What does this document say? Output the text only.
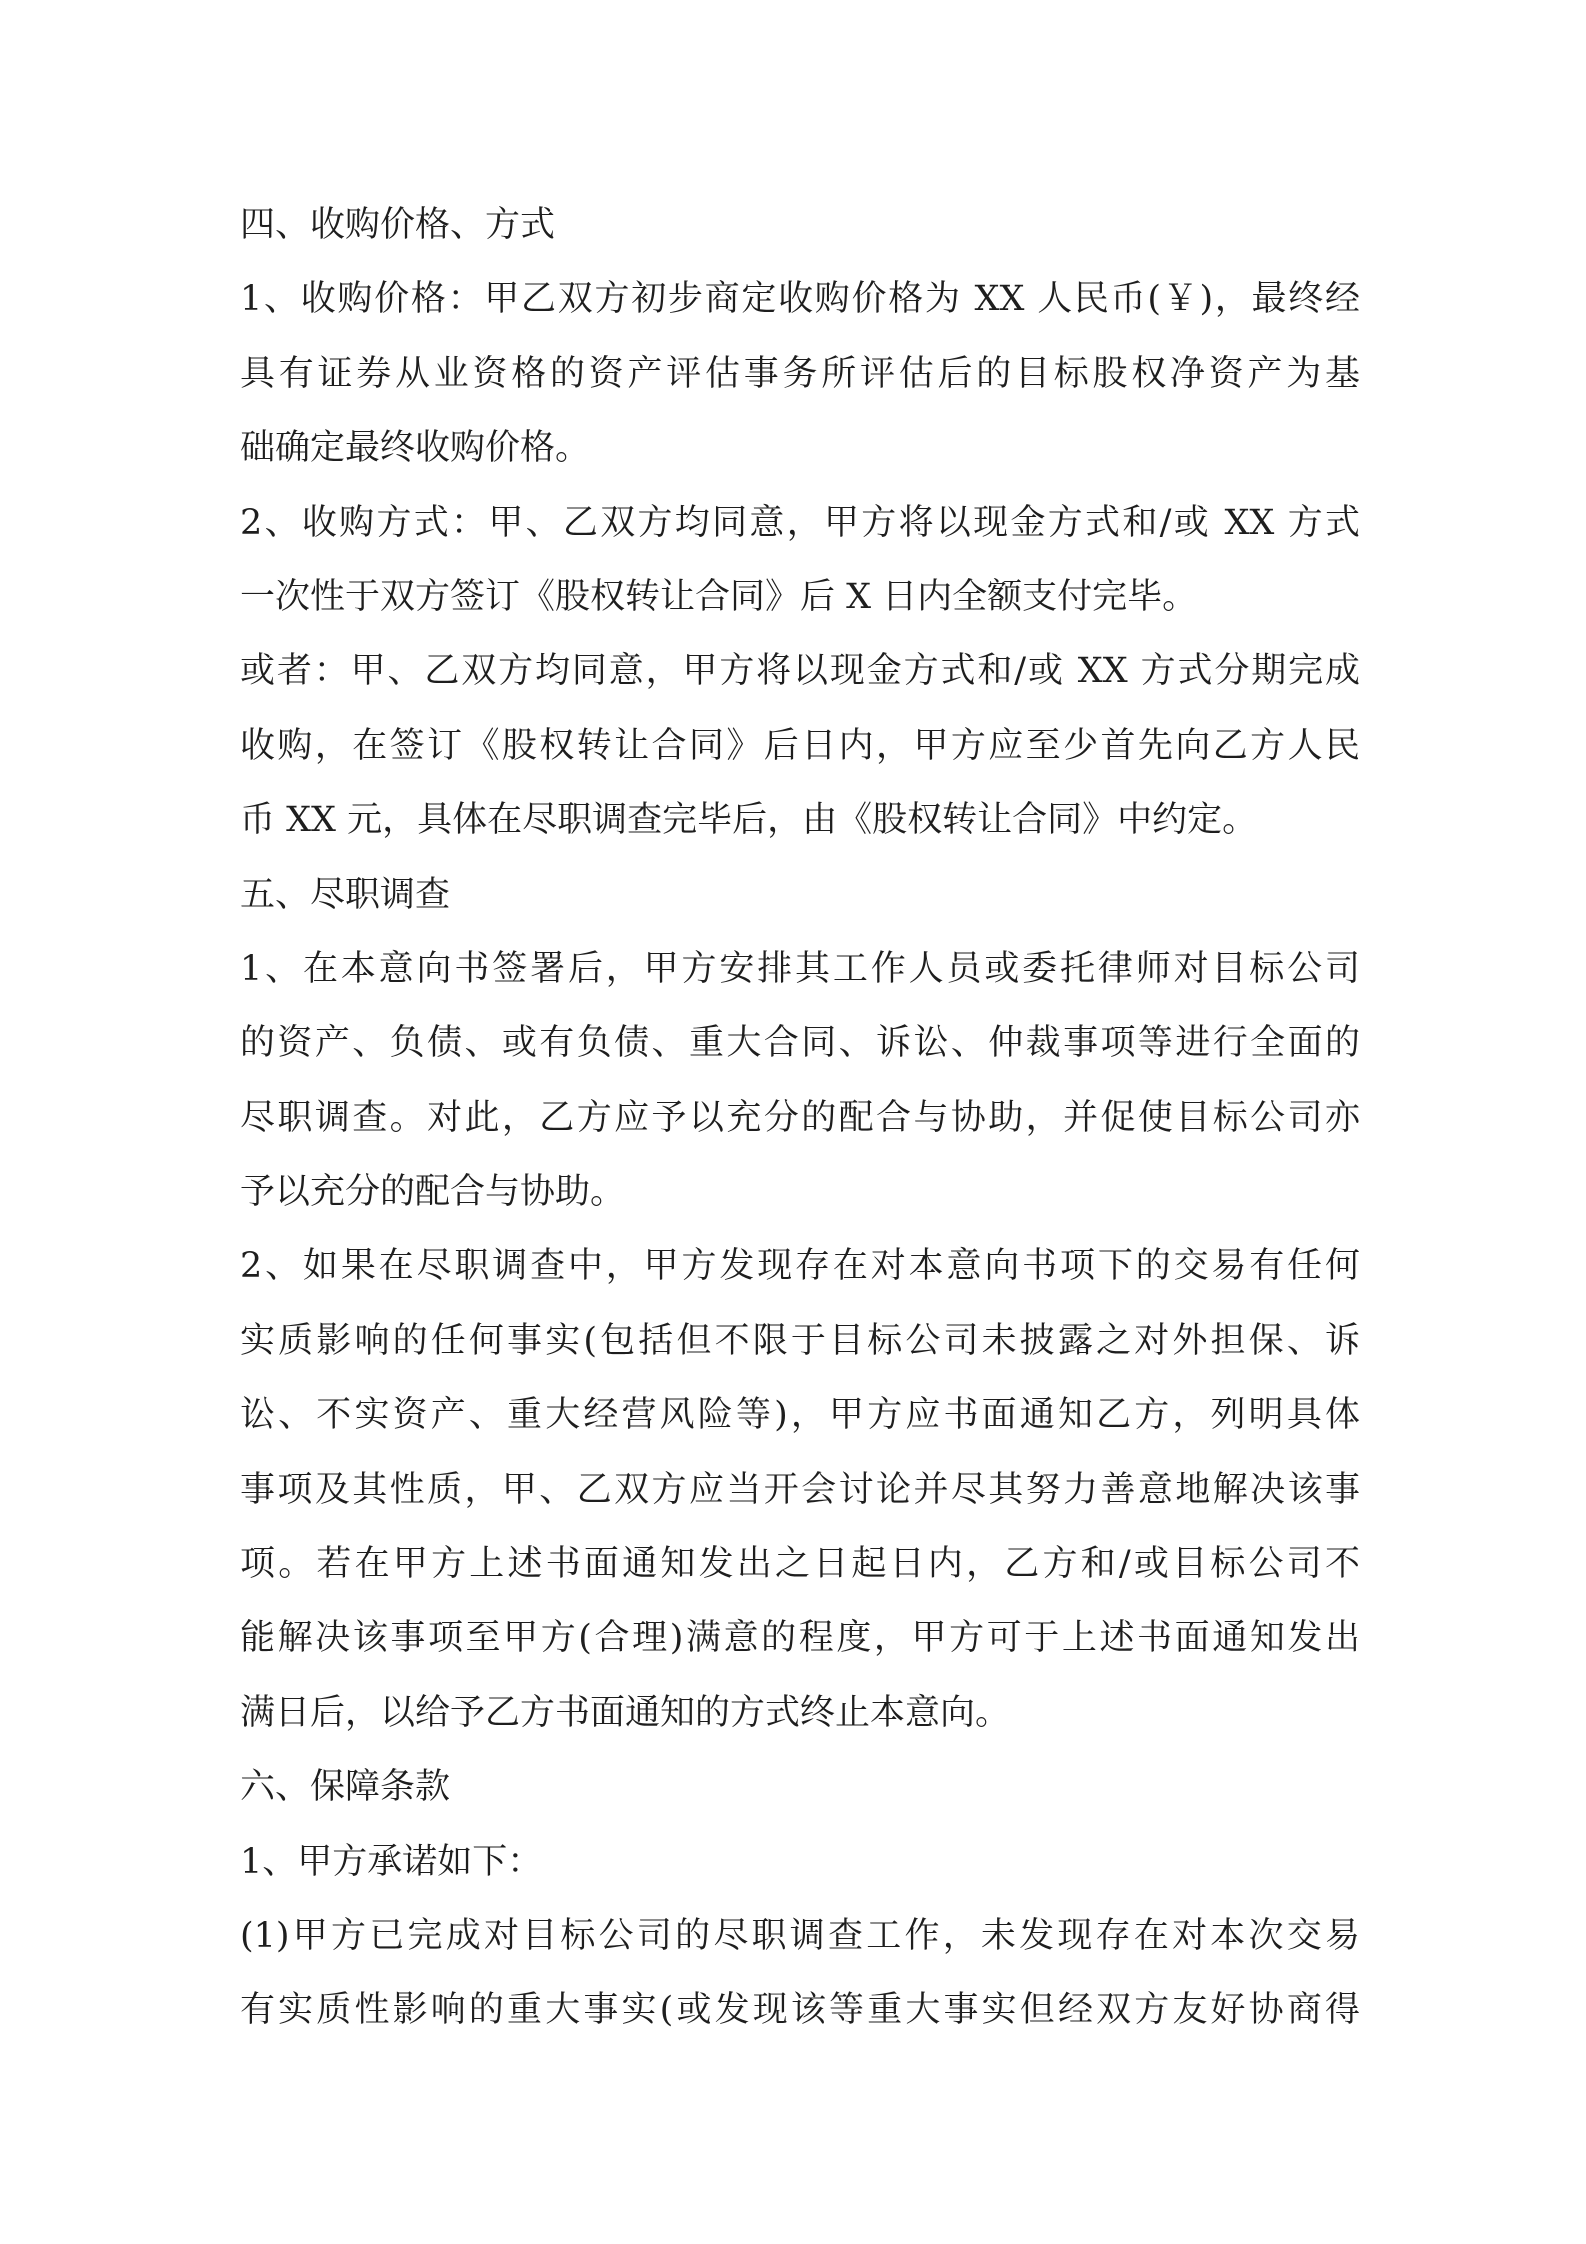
四、收购价格、方式
1、收购价格：甲乙双方初步商定收购价格为 XX 人民币(￥)，最终经
具有证券从业资格的资产评估事务所评估后的目标股权净资产为基
础确定最终收购价格。
2、收购方式：甲、乙双方均同意，甲方将以现金方式和/或 XX 方式
一次性于双方签订《股权转让合同》后 X 日内全额支付完毕。
或者：甲、乙双方均同意，甲方将以现金方式和/或 XX 方式分期完成
收购，在签订《股权转让合同》后日内，甲方应至少首先向乙方人民
币 XX 元，具体在尽职调查完毕后，由《股权转让合同》中约定。
五、尽职调查
1、在本意向书签署后，甲方安排其工作人员或委托律师对目标公司
的资产、负债、或有负债、重大合同、诉讼、仲裁事项等进行全面的
尽职调查。对此，乙方应予以充分的配合与协助，并促使目标公司亦
予以充分的配合与协助。
2、如果在尽职调查中，甲方发现存在对本意向书项下的交易有任何
实质影响的任何事实(包括但不限于目标公司未披露之对外担保、诉
讼、不实资产、重大经营风险等)，甲方应书面通知乙方，列明具体
事项及其性质，甲、乙双方应当开会讨论并尽其努力善意地解决该事
项。若在甲方上述书面通知发出之日起日内，乙方和/或目标公司不
能解决该事项至甲方(合理)满意的程度，甲方可于上述书面通知发出
满日后，以给予乙方书面通知的方式终止本意向。
六、保障条款
1、甲方承诺如下：
(1)甲方已完成对目标公司的尽职调查工作，未发现存在对本次交易
有实质性影响的重大事实(或发现该等重大事实但经双方友好协商得
